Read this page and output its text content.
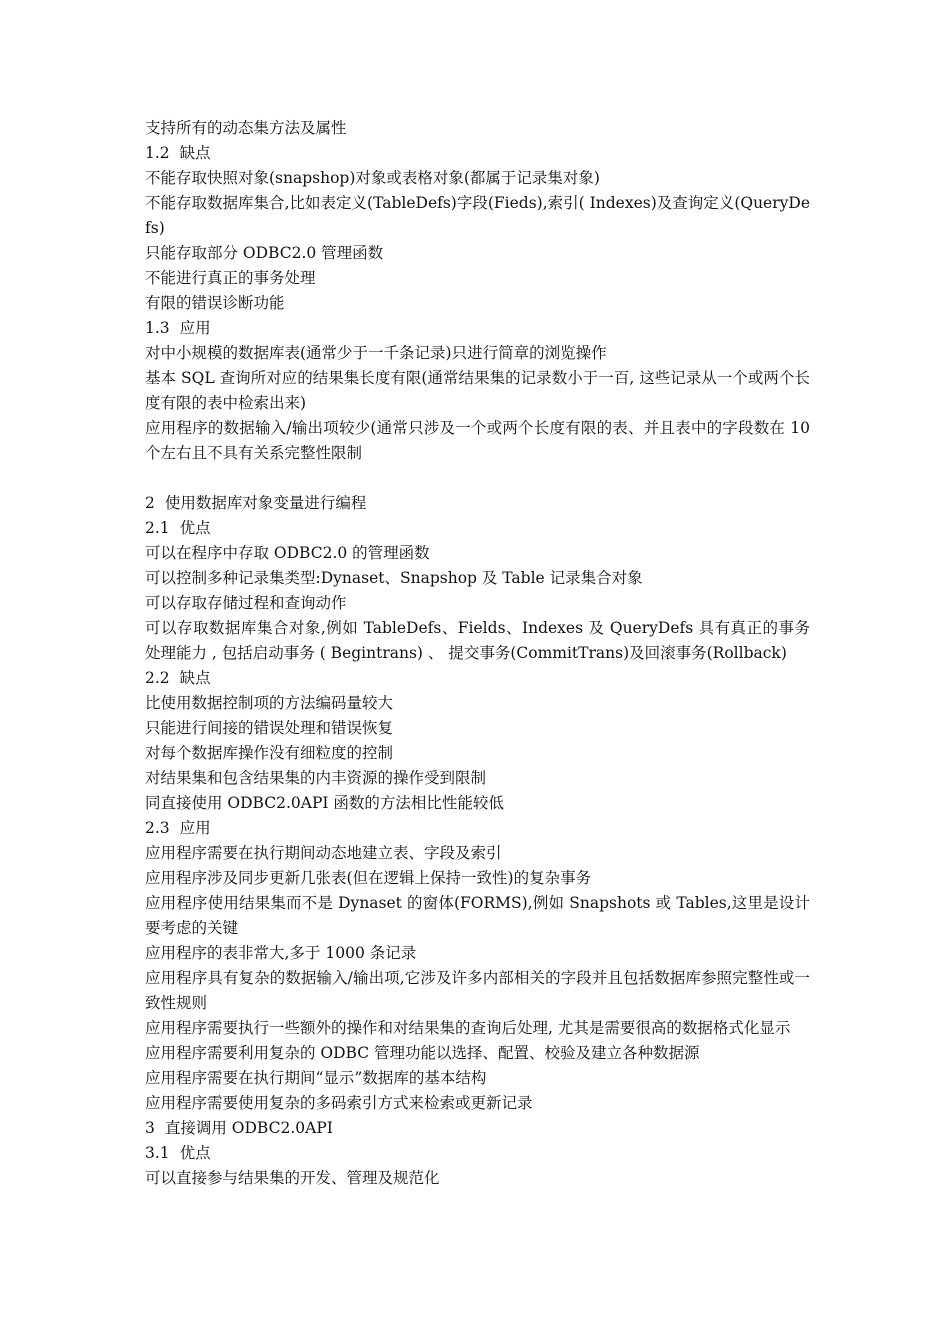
支持所有的动态集方法及属性
1.2 缺点
不能存取快照对象(snapshop)对象或表格对象(都属于记录集对象)
不能存取数据库集合,比如表定义(TableDefs)字段(Fieds),索引( Indexes)及查询定义(QueryDefs)
只能存取部分 ODBC2.0 管理函数
不能进行真正的事务处理
有限的错误诊断功能
1.3 应用
对中小规模的数据库表(通常少于一千条记录)只进行简章的浏览操作
基本 SQL 查询所对应的结果集长度有限(通常结果集的记录数小于一百, 这些记录从一个或两个长度有限的表中检索出来)
应用程序的数据输入/输出项较少(通常只涉及一个或两个长度有限的表、并且表中的字段数在 10 个左右且不具有关系完整性限制
2 使用数据库对象变量进行编程
2.1 优点
可以在程序中存取 ODBC2.0 的管理函数
可以控制多种记录集类型:Dynaset、Snapshop 及 Table 记录集合对象
可以存取存储过程和查询动作
可以存取数据库集合对象,例如 TableDefs、Fields、Indexes 及 QueryDefs 具有真正的事务处理能力 , 包括启动事务 ( Begintrans) 、 提交事务(CommitTrans)及回滚事务(Rollback)
2.2 缺点
比使用数据控制项的方法编码量较大
只能进行间接的错误处理和错误恢复
对每个数据库操作没有细粒度的控制
对结果集和包含结果集的内丰资源的操作受到限制
同直接使用 ODBC2.0API 函数的方法相比性能较低
2.3 应用
应用程序需要在执行期间动态地建立表、字段及索引
应用程序涉及同步更新几张表(但在逻辑上保持一致性)的复杂事务
应用程序使用结果集而不是 Dynaset 的窗体(FORMS),例如 Snapshots 或 Tables,这里是设计要考虑的关键
应用程序的表非常大,多于 1000 条记录
应用程序具有复杂的数据输入/输出项,它涉及许多内部相关的字段并且包括数据库参照完整性或一致性规则
应用程序需要执行一些额外的操作和对结果集的查询后处理, 尤其是需要很高的数据格式化显示
应用程序需要利用复杂的 ODBC 管理功能以选择、配置、校验及建立各种数据源
应用程序需要在执行期间“显示”数据库的基本结构
应用程序需要使用复杂的多码索引方式来检索或更新记录
3 直接调用 ODBC2.0API
3.1 优点
可以直接参与结果集的开发、管理及规范化
